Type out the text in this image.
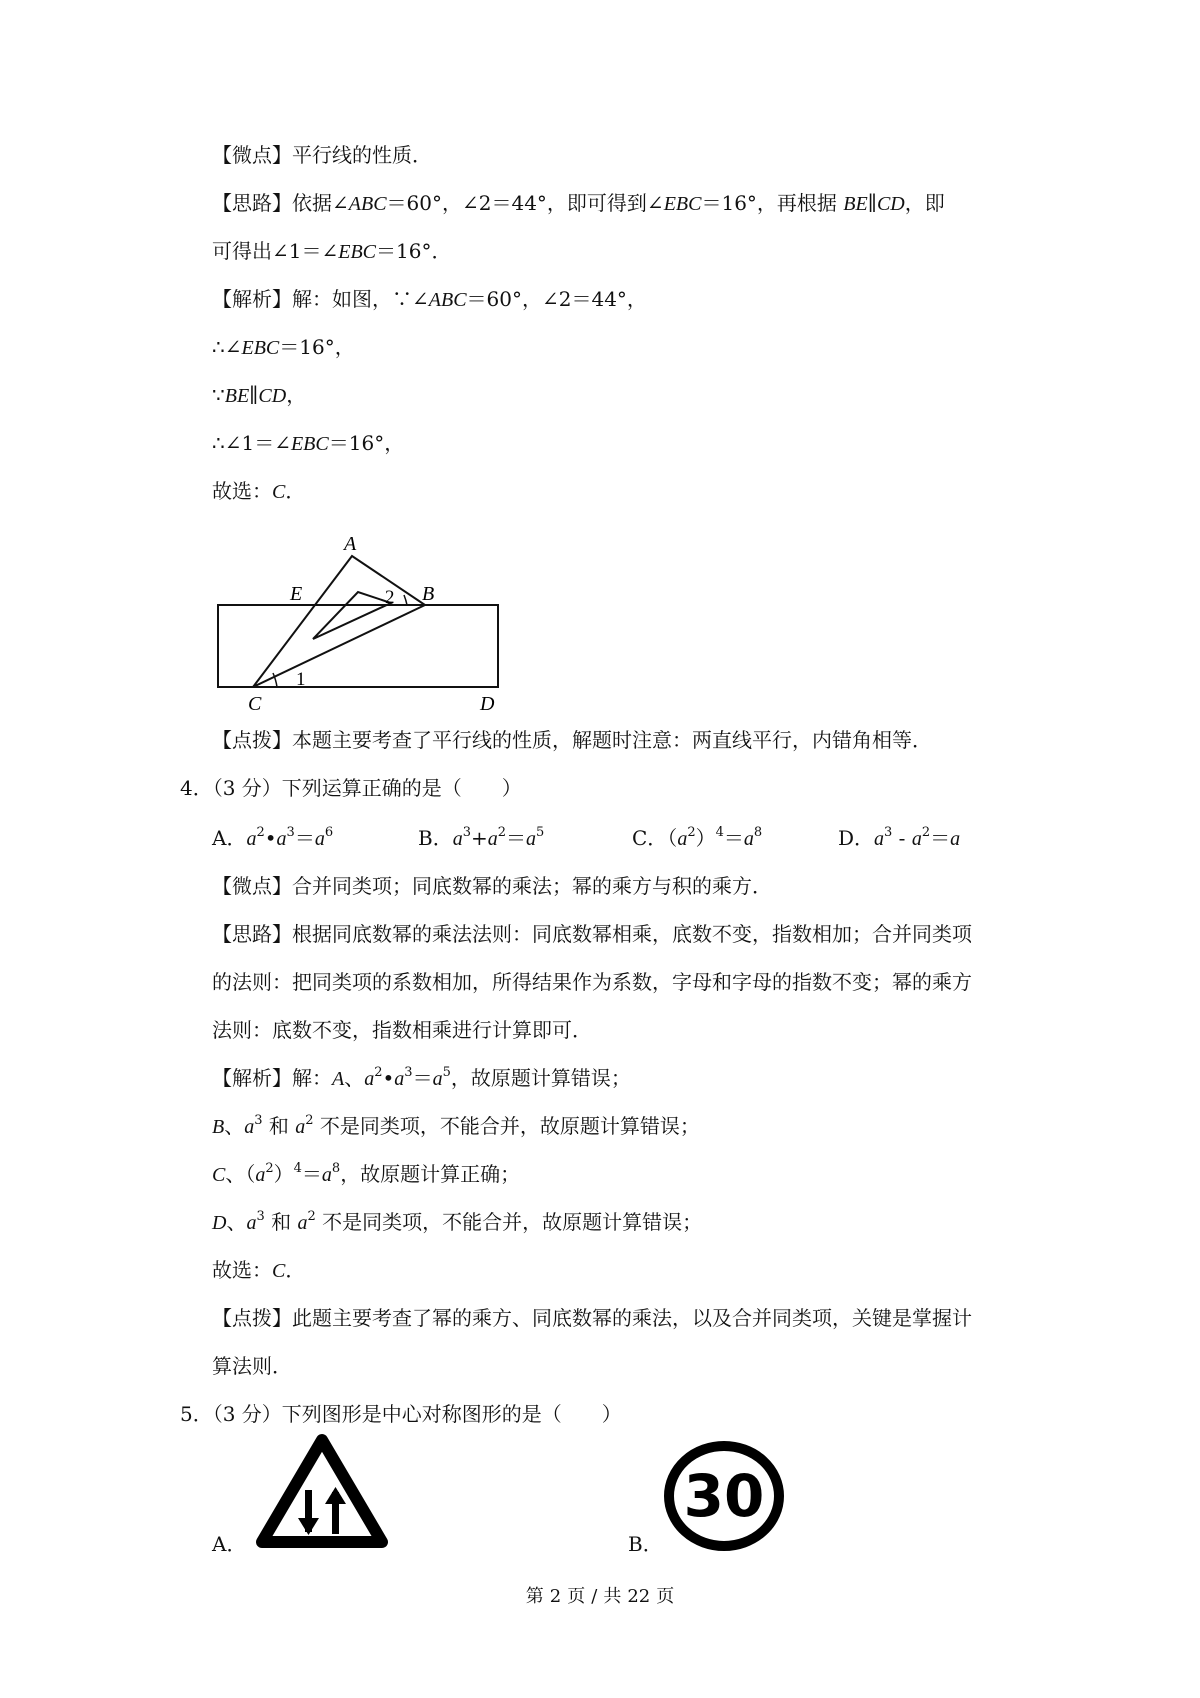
【微点】平行线的性质．
【思路】依据∠ABC＝60°，∠2＝44°，即可得到∠EBC＝16°，再根据 BE∥CD，即
可得出∠1＝∠EBC＝16°．
【解析】解：如图，∵∠ABC＝60°，∠2＝44°，
∴∠EBC＝16°，
∵BE∥CD，
∴∠1＝∠EBC＝16°，
故选：C．
A
E	2 B
C
1
D
【点拨】本题主要考查了平行线的性质，解题时注意：两直线平行，内错角相等．
4．（3 分）下列运算正确的是（　　）
A．$a^2•a^3=a^6$	B．$a^3+a^2=a^5$	C．$(a^2)^4=a^8$	D．$a^3 - a^2=a$
【微点】合并同类项；同底数幂的乘法；幂的乘方与积的乘方．
【思路】根据同底数幂的乘法法则：同底数幂相乘，底数不变，指数相加；合并同类项
的法则：把同类项的系数相加，所得结果作为系数，字母和字母的指数不变；幂的乘方
法则：底数不变，指数相乘进行计算即可．
【解析】解：A、$a^2•a^3=a^5$，故原题计算错误；
B、$a^3$ 和 $a^2$ 不是同类项，不能合并，故原题计算错误；
C、$(a^2)^4=a^8$，故原题计算正确；
D、$a^3$ 和 $a^2$ 不是同类项，不能合并，故原题计算错误；
故选：C．
【点拨】此题主要考查了幂的乘方、同底数幂的乘法，以及合并同类项，关键是掌握计
算法则．
5．（3 分）下列图形是中心对称图形的是（　　）
A．	B．
30
第 2 页 / 共 22 页
